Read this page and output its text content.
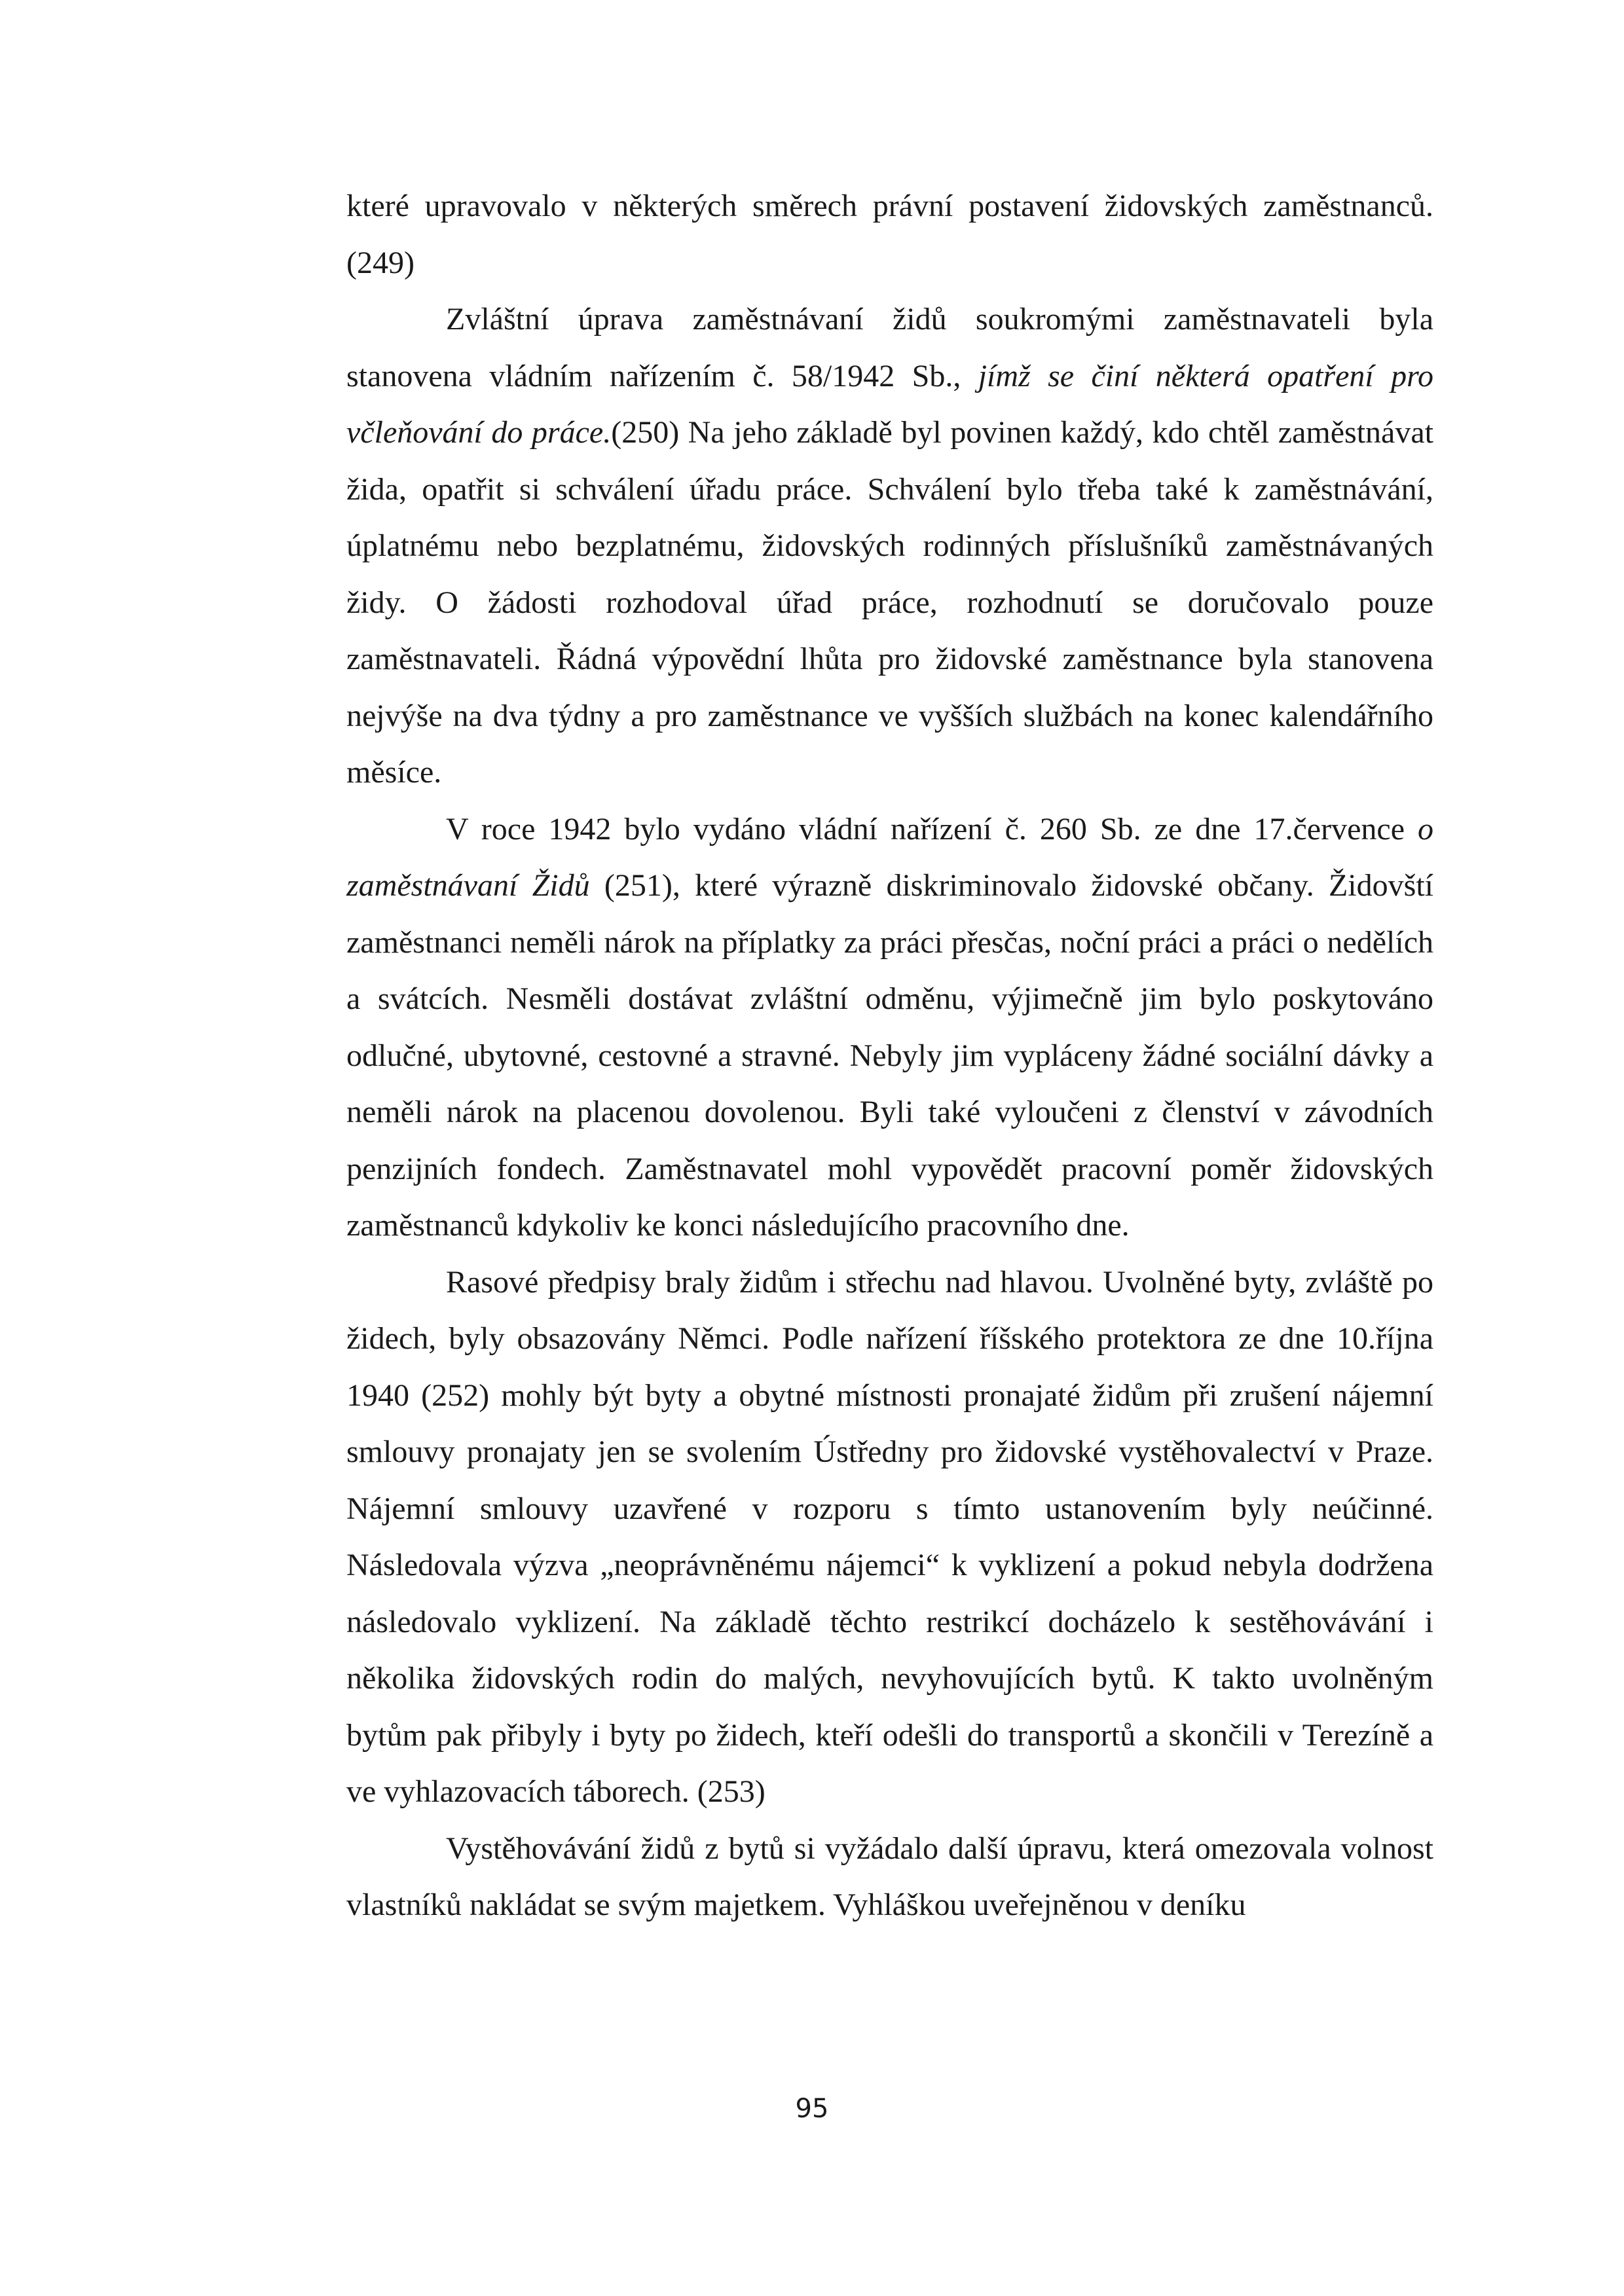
které upravovalo v některých směrech právní postavení židovských zaměstnanců.(249)

Zvláštní úprava zaměstnávaní židů soukromými zaměstnavateli byla stanovena vládním nařízením č. 58/1942 Sb., jímž se činí některá opatření pro včleňování do práce.(250) Na jeho základě byl povinen každý, kdo chtěl zaměstnávat žida, opatřit si schválení úřadu práce. Schválení bylo třeba také k zaměstnávání, úplatnému nebo bezplatnému, židovských rodinných příslušníků zaměstnávaných židy. O žádosti rozhodoval úřad práce, rozhodnutí se doručovalo pouze zaměstnavateli. Řádná výpovědní lhůta pro židovské zaměstnance byla stanovena nejvýše na dva týdny a pro zaměstnance ve vyšších službách na konec kalendářního měsíce.

V roce 1942 bylo vydáno vládní nařízení č. 260 Sb. ze dne 17.července o zaměstnávaní Židů (251), které výrazně diskriminovalo židovské občany. Židovští zaměstnanci neměli nárok na příplatky za práci přesčas, noční práci a práci o nedělích a svátcích. Nesměli dostávat zvláštní odměnu, výjimečně jim bylo poskytováno odlučné, ubytovné, cestovné a stravné. Nebyly jim vypláceny žádné sociální dávky a neměli nárok na placenou dovolenou. Byli také vyloučeni z členství v závodních penzijních fondech. Zaměstnavatel mohl vypovědět pracovní poměr židovských zaměstnanců kdykoliv ke konci následujícího pracovního dne.

Rasové předpisy braly židům i střechu nad hlavou. Uvolněné byty, zvláště po židech, byly obsazovány Němci. Podle nařízení říšského protektora ze dne 10.října 1940 (252) mohly být byty a obytné místnosti pronajaté židům při zrušení nájemní smlouvy pronajaty jen se svolením Ústředny pro židovské vystěhovalectví v Praze. Nájemní smlouvy uzavřené v rozporu s tímto ustanovením byly neúčinné. Následovala výzva „neoprávněnému nájemci“ k vyklizení a pokud nebyla dodržena následovalo vyklizení. Na základě těchto restrikcí docházelo k sestěhovávání i několika židovských rodin do malých, nevyhovujících bytů. K takto uvolněným bytům pak přibyly i byty po židech, kteří odešli do transportů a skončili v Terezíně a ve vyhlazovacích táborech. (253)

Vystěhovávání židů z bytů si vyžádalo další úpravu, která omezovala volnost vlastníků nakládat se svým majetkem. Vyhláškou uveřejněnou v deníku

95
